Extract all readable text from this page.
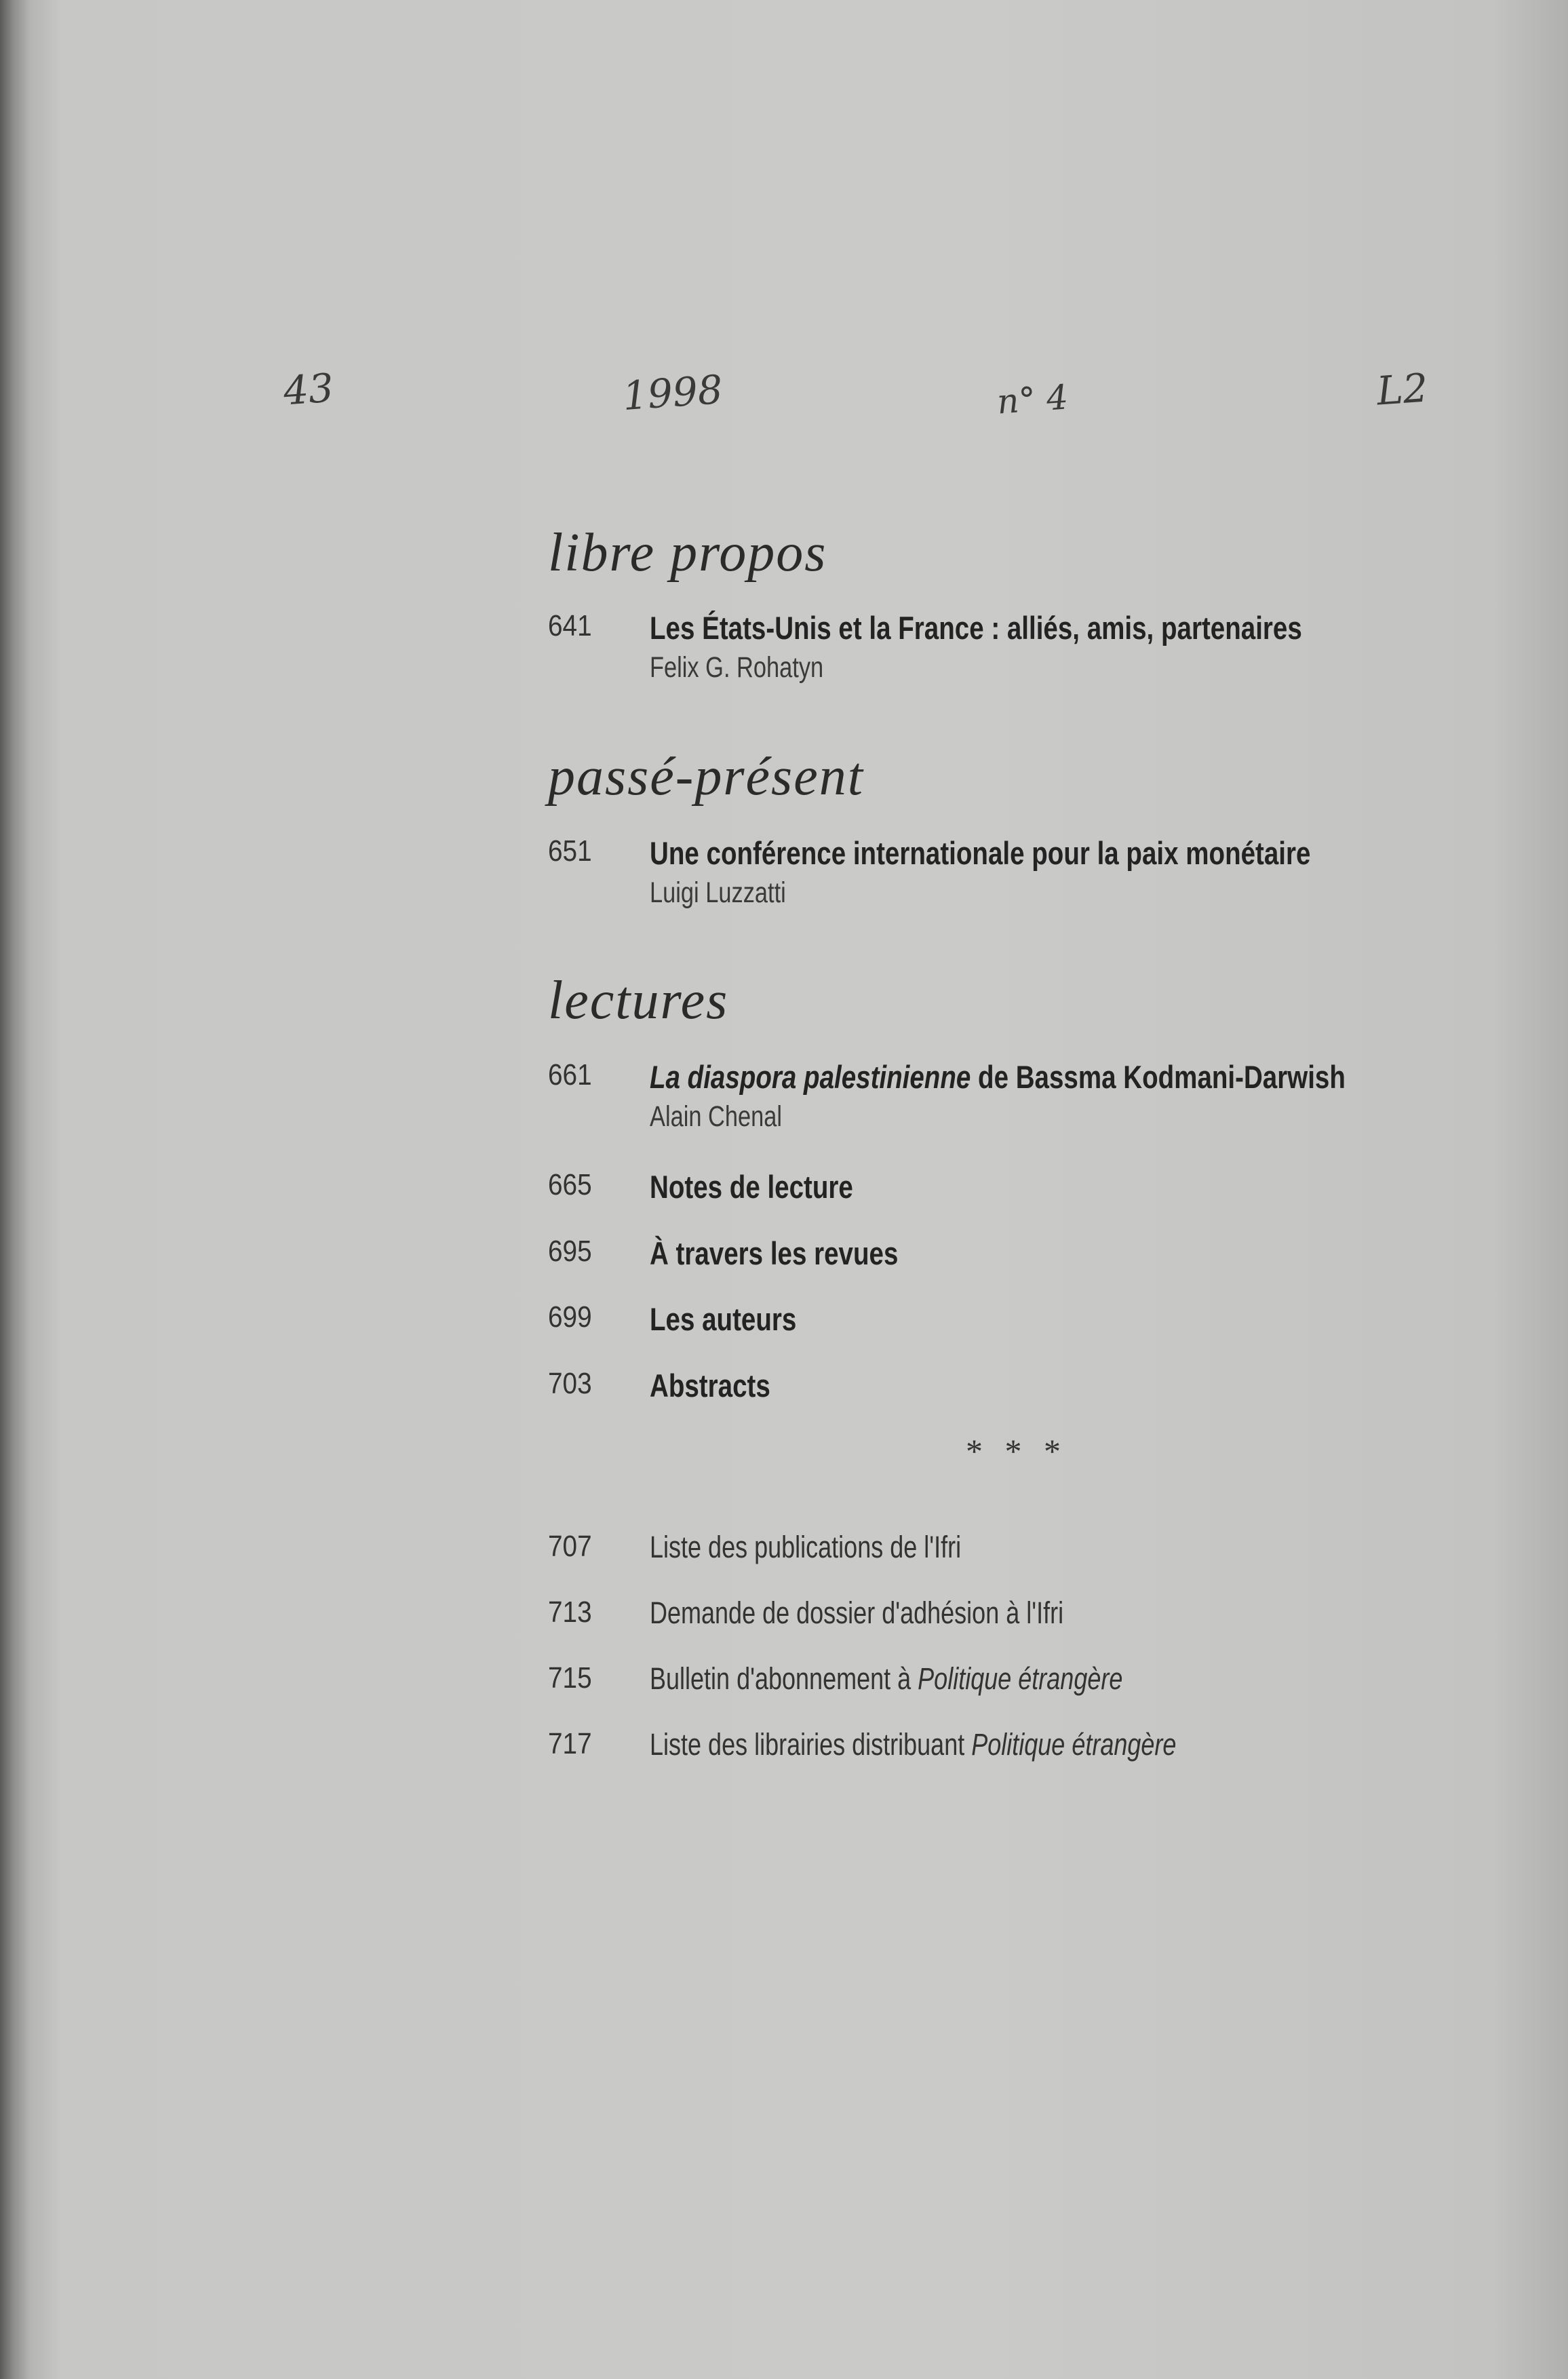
43	1998	n° 4	L2
libre propos
641	Les États-Unis et la France : alliés, amis, partenaires
Felix G. Rohatyn
passé-présent
651	Une conférence internationale pour la paix monétaire
Luigi Luzzatti
lectures
661	La diaspora palestinienne de Bassma Kodmani-Darwish
Alain Chenal
665	Notes de lecture
695	À travers les revues
699	Les auteurs
703	Abstracts
* * *
707	Liste des publications de l'Ifri
713	Demande de dossier d'adhésion à l'Ifri
715	Bulletin d'abonnement à Politique étrangère
717	Liste des librairies distribuant Politique étrangère
